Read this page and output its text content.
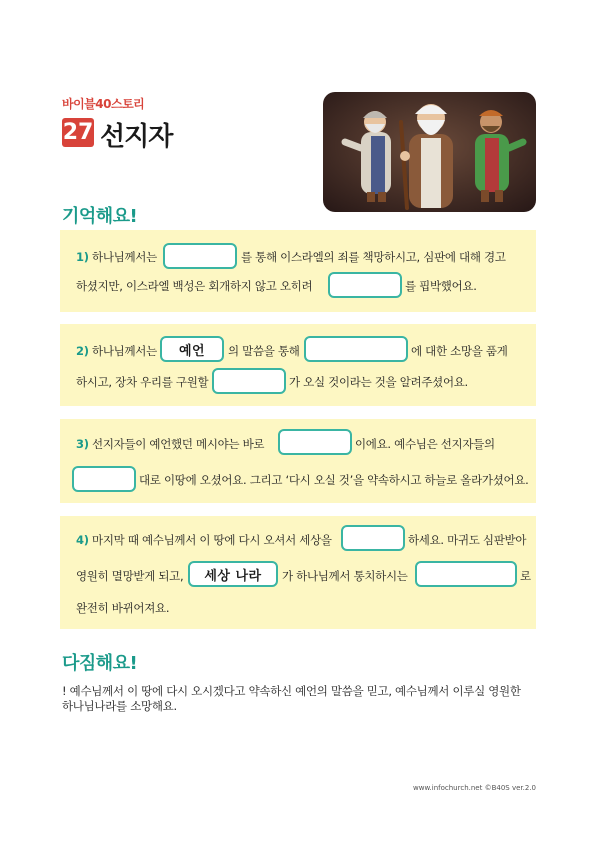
바이블40스토리
27 선지자
기억해요!
1) 하나님께서는	를 통해 이스라엘의 죄를 책망하시고, 심판에 대해 경고
하셨지만, 이스라엘 백성은 회개하지 않고 오히려	를 핍박했어요.
2) 하나님께서는	예언	의 말씀을 통해	에 대한 소망을 품게
하시고, 장차 우리를 구원할	가 오실 것이라는 것을 알려주셨어요.
3) 선지자들이 예언했던 메시야는 바로	이에요. 예수님은 선지자들의
대로 이땅에 오셨어요. 그리고 ‘다시 오실 것’을 약속하시고 하늘로 올라가셨어요.
4) 마지막 때 예수님께서 이 땅에 다시 오셔서 세상을	하세요. 마귀도 심판받아
영원히 멸망받게 되고,	세상 나라	가 하나님께서 통치하시는	로
완전히 바뀌어져요.
다짐해요!
! 예수님께서 이 땅에 다시 오시겠다고 약속하신 예언의 말씀을 믿고, 예수님께서 이루실 영원한
하나님나라를 소망해요.
www.infochurch.net ©B40S ver.2.0
